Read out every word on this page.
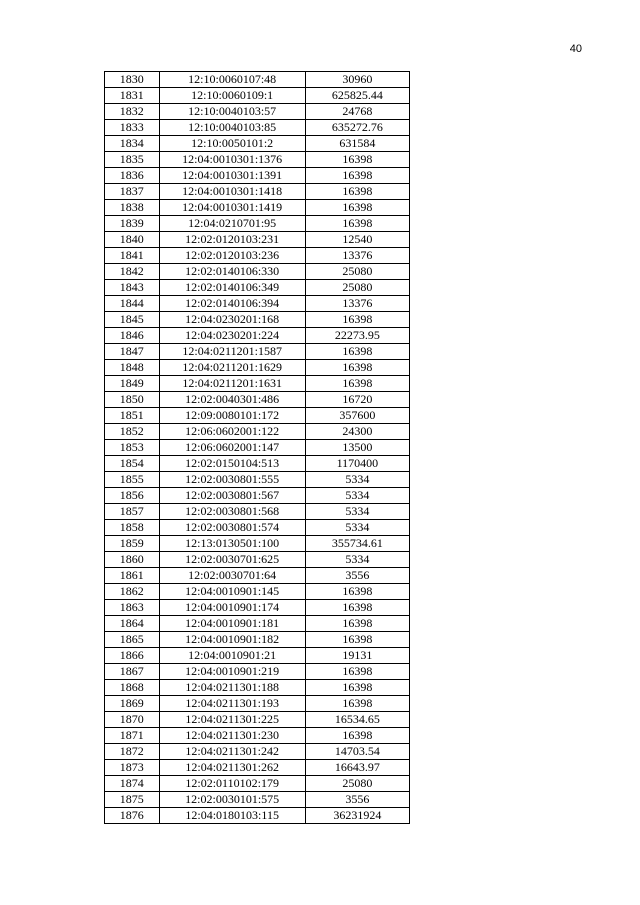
40
1830	12:10:0060107:48	30960
1831	12:10:0060109:1	625825.44
1832	12:10:0040103:57	24768
1833	12:10:0040103:85	635272.76
1834	12:10:0050101:2	631584
1835	12:04:0010301:1376	16398
1836	12:04:0010301:1391	16398
1837	12:04:0010301:1418	16398
1838	12:04:0010301:1419	16398
1839	12:04:0210701:95	16398
1840	12:02:0120103:231	12540
1841	12:02:0120103:236	13376
1842	12:02:0140106:330	25080
1843	12:02:0140106:349	25080
1844	12:02:0140106:394	13376
1845	12:04:0230201:168	16398
1846	12:04:0230201:224	22273.95
1847	12:04:0211201:1587	16398
1848	12:04:0211201:1629	16398
1849	12:04:0211201:1631	16398
1850	12:02:0040301:486	16720
1851	12:09:0080101:172	357600
1852	12:06:0602001:122	24300
1853	12:06:0602001:147	13500
1854	12:02:0150104:513	1170400
1855	12:02:0030801:555	5334
1856	12:02:0030801:567	5334
1857	12:02:0030801:568	5334
1858	12:02:0030801:574	5334
1859	12:13:0130501:100	355734.61
1860	12:02:0030701:625	5334
1861	12:02:0030701:64	3556
1862	12:04:0010901:145	16398
1863	12:04:0010901:174	16398
1864	12:04:0010901:181	16398
1865	12:04:0010901:182	16398
1866	12:04:0010901:21	19131
1867	12:04:0010901:219	16398
1868	12:04:0211301:188	16398
1869	12:04:0211301:193	16398
1870	12:04:0211301:225	16534.65
1871	12:04:0211301:230	16398
1872	12:04:0211301:242	14703.54
1873	12:04:0211301:262	16643.97
1874	12:02:0110102:179	25080
1875	12:02:0030101:575	3556
1876	12:04:0180103:115	36231924
